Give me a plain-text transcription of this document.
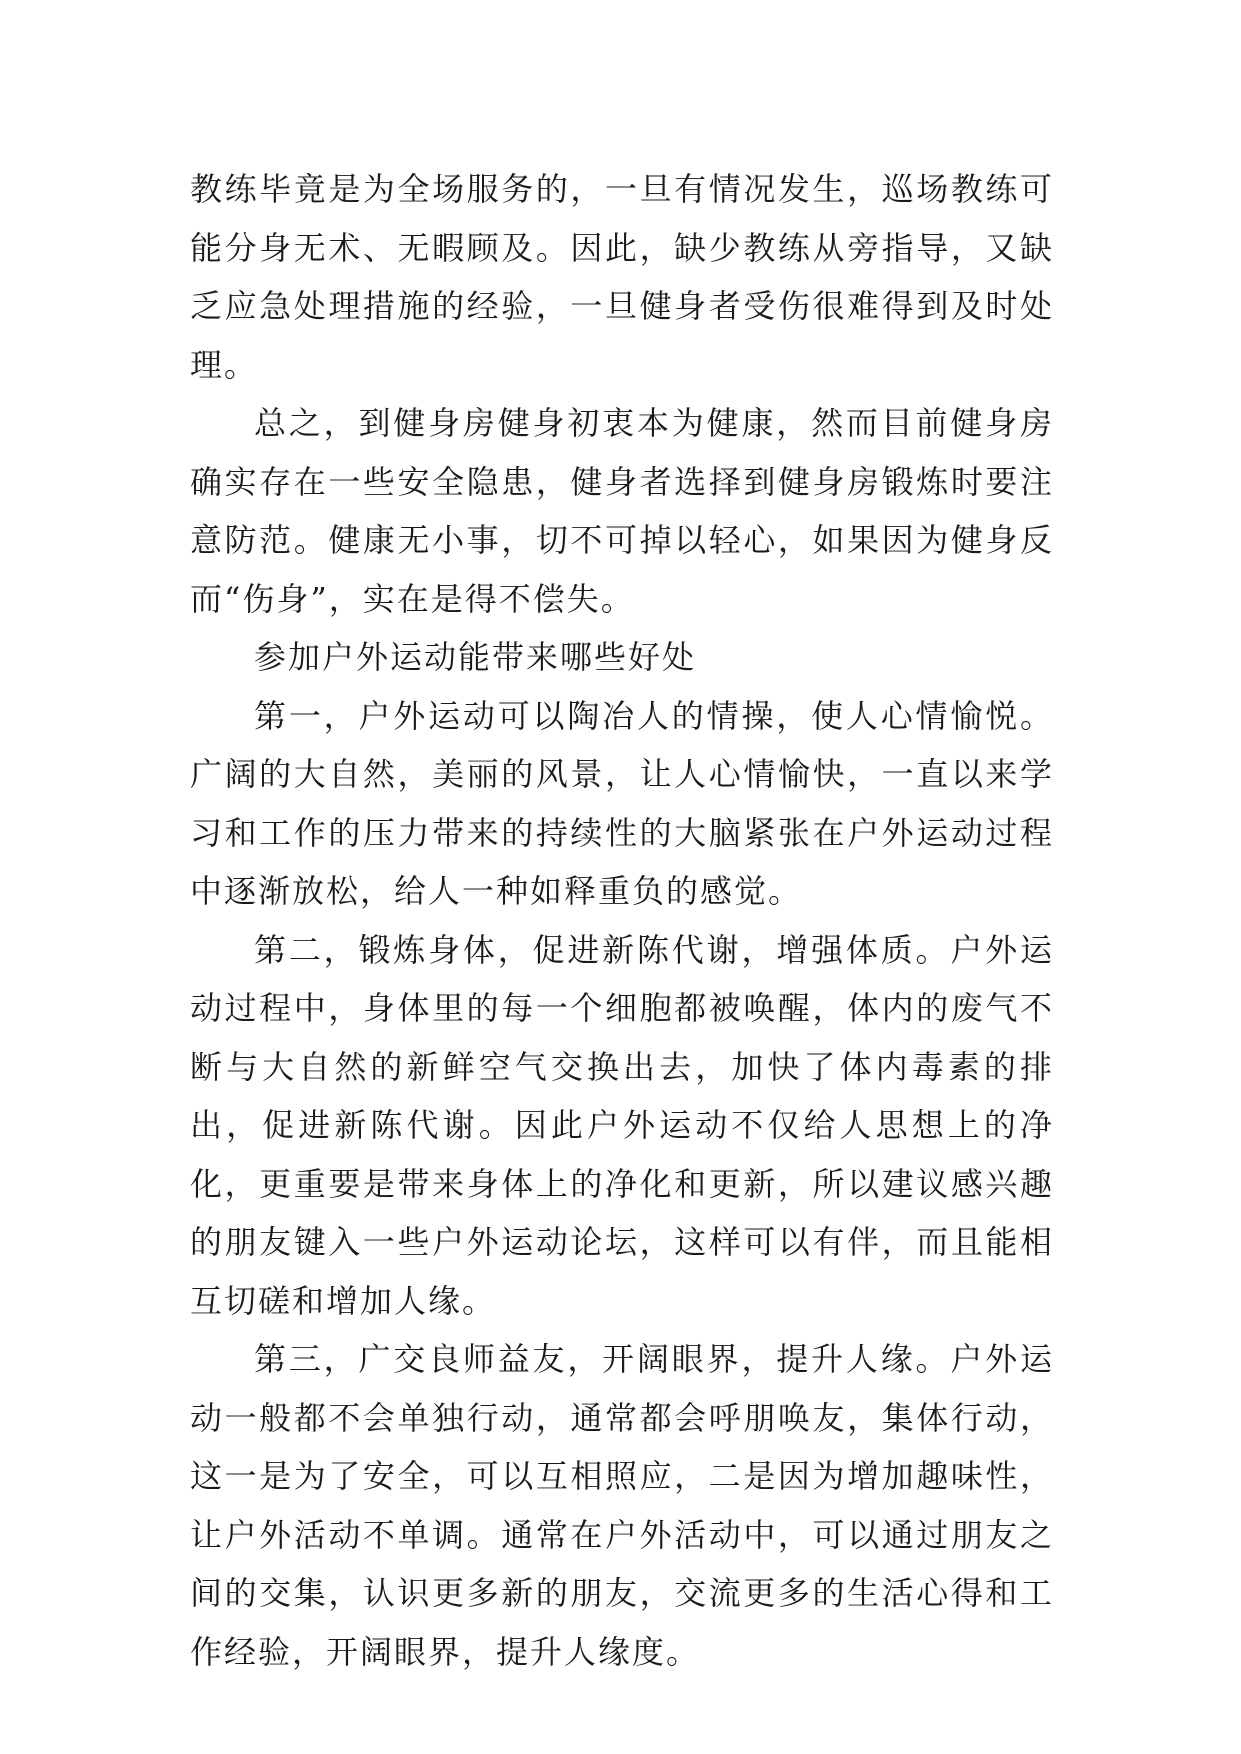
教练毕竟是为全场服务的，一旦有情况发生，巡场教练可能分身无术、无暇顾及。因此，缺少教练从旁指导，又缺乏应急处理措施的经验，一旦健身者受伤很难得到及时处理。

总之，到健身房健身初衷本为健康，然而目前健身房确实存在一些安全隐患，健身者选择到健身房锻炼时要注意防范。健康无小事，切不可掉以轻心，如果因为健身反而“伤身”，实在是得不偿失。

参加户外运动能带来哪些好处

第一，户外运动可以陶冶人的情操，使人心情愉悦。广阔的大自然，美丽的风景，让人心情愉快，一直以来学习和工作的压力带来的持续性的大脑紧张在户外运动过程中逐渐放松，给人一种如释重负的感觉。

第二，锻炼身体，促进新陈代谢，增强体质。户外运动过程中，身体里的每一个细胞都被唤醒，体内的废气不断与大自然的新鲜空气交换出去，加快了体内毒素的排出，促进新陈代谢。因此户外运动不仅给人思想上的净化，更重要是带来身体上的净化和更新，所以建议感兴趣的朋友键入一些户外运动论坛，这样可以有伴，而且能相互切磋和增加人缘。

第三，广交良师益友，开阔眼界，提升人缘。户外运动一般都不会单独行动，通常都会呼朋唤友，集体行动，这一是为了安全，可以互相照应，二是因为增加趣味性，让户外活动不单调。通常在户外活动中，可以通过朋友之间的交集，认识更多新的朋友，交流更多的生活心得和工作经验，开阔眼界，提升人缘度。
